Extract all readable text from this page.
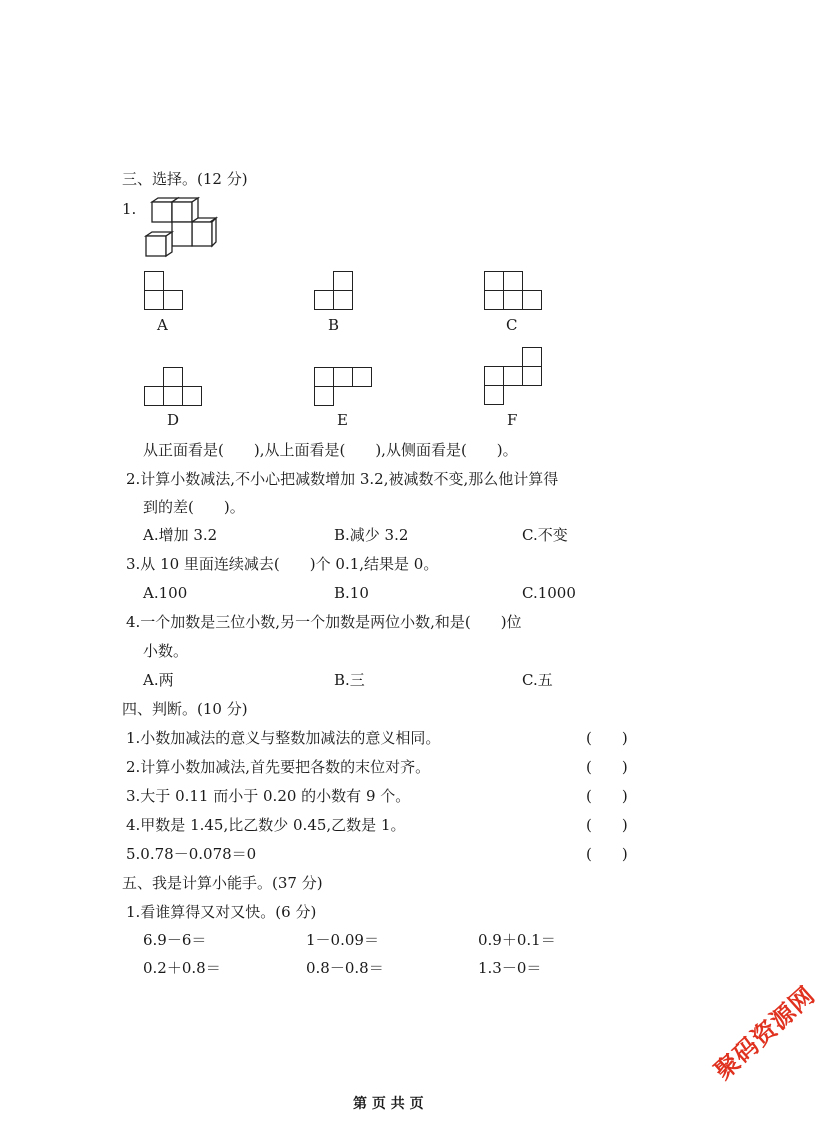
三、选择。(12 分)
1.
A	B	C
D	E	F
从正面看是(　　),从上面看是(　　),从侧面看是(　　)。
2.计算小数减法,不小心把减数增加 3.2,被减数不变,那么他计算得
到的差(　　)。
A.增加 3.2	B.减少 3.2	C.不变
3.从 10 里面连续减去(　　)个 0.1,结果是 0。
A.100	B.10	C.1000
4.一个加数是三位小数,另一个加数是两位小数,和是(　　)位
小数。
A.两	B.三	C.五
四、判断。(10 分)
1.小数加减法的意义与整数加减法的意义相同。	(　　)
2.计算小数加减法,首先要把各数的末位对齐。	(　　)
3.大于 0.11 而小于 0.20 的小数有 9 个。	(　　)
4.甲数是 1.45,比乙数少 0.45,乙数是 1。	(　　)
5.0.78－0.078＝0	(　　)
五、我是计算小能手。(37 分)
1.看谁算得又对又快。(6 分)
6.9－6＝	1－0.09＝	0.9＋0.1＝
0.2＋0.8＝	0.8－0.8＝	1.3－0＝
聚码资源网
第 页 共 页
